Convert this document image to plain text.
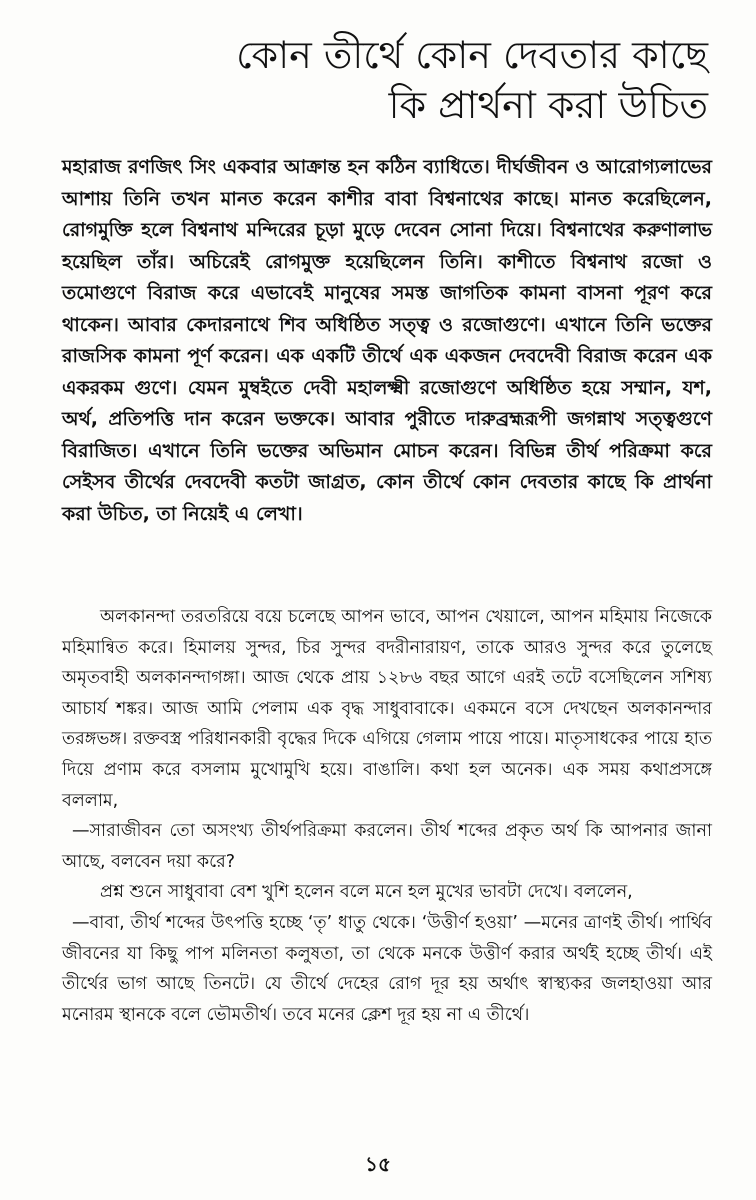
কোন তীর্থে কোন দেবতার কাছে
কি প্রার্থনা করা উচিত

মহারাজ রণজিৎ সিং একবার আক্রান্ত হন কঠিন ব্যাধিতে। দীর্ঘজীবন ও আরোগ্যলাভের আশায় তিনি তখন মানত করেন কাশীর বাবা বিশ্বনাথের কাছে। মানত করেছিলেন, রোগমুক্তি হলে বিশ্বনাথ মন্দিরের চূড়া মুড়ে দেবেন সোনা দিয়ে। বিশ্বনাথের করুণালাভ হয়েছিল তাঁর। অচিরেই রোগমুক্ত হয়েছিলেন তিনি। কাশীতে বিশ্বনাথ রজো ও তমোগুণে বিরাজ করে এভাবেই মানুষের সমস্ত জাগতিক কামনা বাসনা পূরণ করে থাকেন। আবার কেদারনাথে শিব অধিষ্ঠিত সত্ত্ব ও রজোগুণে। এখানে তিনি ভক্তের রাজসিক কামনা পূর্ণ করেন। এক একটি তীর্থে এক একজন দেবদেবী বিরাজ করেন এক একরকম গুণে। যেমন মুম্বইতে দেবী মহালক্ষ্মী রজোগুণে অধিষ্ঠিত হয়ে সম্মান, যশ, অর্থ, প্রতিপত্তি দান করেন ভক্তকে। আবার পুরীতে দারুব্রহ্মরূপী জগন্নাথ সত্ত্বগুণে বিরাজিত। এখানে তিনি ভক্তের অভিমান মোচন করেন। বিভিন্ন তীর্থ পরিক্রমা করে সেইসব তীর্থের দেবদেবী কতটা জাগ্রত, কোন তীর্থে কোন দেবতার কাছে কি প্রার্থনা করা উচিত, তা নিয়েই এ লেখা।

অলকানন্দা তরতরিয়ে বয়ে চলেছে আপন ভাবে, আপন খেয়ালে, আপন মহিমায় নিজেকে মহিমান্বিত করে। হিমালয় সুন্দর, চির সুন্দর বদরীনারায়ণ, তাকে আরও সুন্দর করে তুলেছে অমৃতবাহী অলকানন্দাগঙ্গা। আজ থেকে প্রায় ১২৮৬ বছর আগে এরই তটে বসেছিলেন সশিষ্য আচার্য শঙ্কর। আজ আমি পেলাম এক বৃদ্ধ সাধুবাবাকে। একমনে বসে দেখছেন অলকানন্দার তরঙ্গভঙ্গ। রক্তবস্ত্র পরিধানকারী বৃদ্ধের দিকে এগিয়ে গেলাম পায়ে পায়ে। মাতৃসাধকের পায়ে হাত দিয়ে প্রণাম করে বসলাম মুখোমুখি হয়ে। বাঙালি। কথা হল অনেক। এক সময় কথাপ্রসঙ্গে বললাম,

—সারাজীবন তো অসংখ্য তীর্থপরিক্রমা করলেন। তীর্থ শব্দের প্রকৃত অর্থ কি আপনার জানা আছে, বলবেন দয়া করে?

প্রশ্ন শুনে সাধুবাবা বেশ খুশি হলেন বলে মনে হল মুখের ভাবটা দেখে। বললেন,

—বাবা, তীর্থ শব্দের উৎপত্তি হচ্ছে ‘তৃ’ ধাতু থেকে। ‘উত্তীর্ণ হওয়া’ —মনের ত্রাণই তীর্থ। পার্থিব জীবনের যা কিছু পাপ মলিনতা কলুষতা, তা থেকে মনকে উত্তীর্ণ করার অর্থই হচ্ছে তীর্থ। এই তীর্থের ভাগ আছে তিনটে। যে তীর্থে দেহের রোগ দূর হয় অর্থাৎ স্বাস্থ্যকর জলহাওয়া আর মনোরম স্থানকে বলে ভৌমতীর্থ। তবে মনের ক্লেশ দূর হয় না এ তীর্থে।

১৫
